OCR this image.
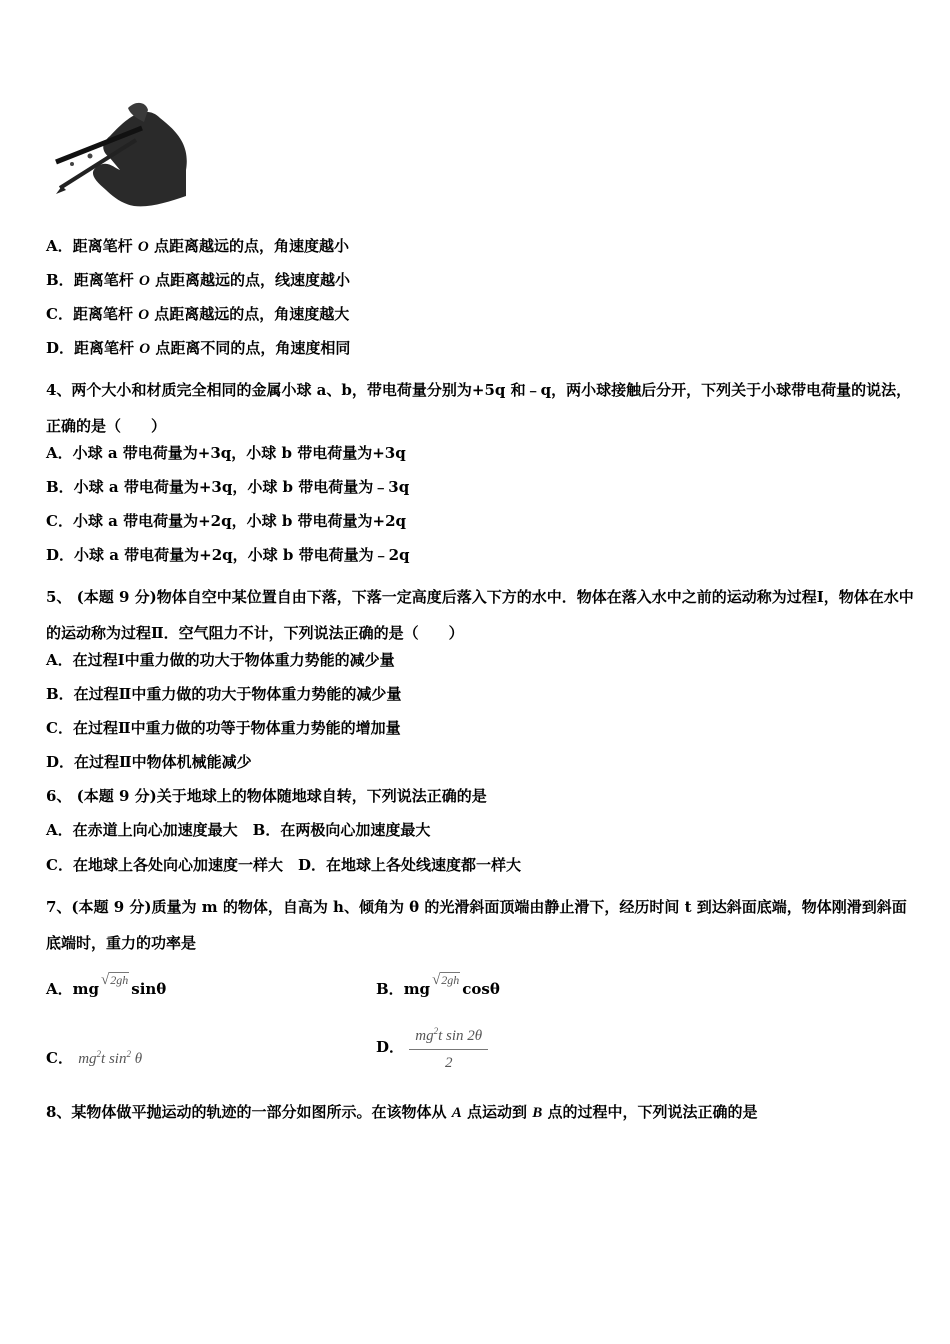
A．距离笔杆 O 点距离越远的点，角速度越小
B．距离笔杆 O 点距离越远的点，线速度越小
C．距离笔杆 O 点距离越远的点，角速度越大
D．距离笔杆 O 点距离不同的点，角速度相同
4、两个大小和材质完全相同的金属小球 a、b，带电荷量分别为+5q 和﹣q，两小球接触后分开，下列关于小球带电荷量的说法，正确的是（　　）
A．小球 a 带电荷量为+3q，小球 b 带电荷量为+3q
B．小球 a 带电荷量为+3q，小球 b 带电荷量为﹣3q
C．小球 a 带电荷量为+2q，小球 b 带电荷量为+2q
D．小球 a 带电荷量为+2q，小球 b 带电荷量为﹣2q
5、 (本题 9 分)物体自空中某位置自由下落，下落一定高度后落入下方的水中．物体在落入水中之前的运动称为过程Ⅰ，物体在水中的运动称为过程Ⅱ．空气阻力不计，下列说法正确的是（　　）
A．在过程Ⅰ中重力做的功大于物体重力势能的减少量
B．在过程Ⅱ中重力做的功大于物体重力势能的减少量
C．在过程Ⅱ中重力做的功等于物体重力势能的增加量
D．在过程Ⅱ中物体机械能减少
6、 (本题 9 分)关于地球上的物体随地球自转，下列说法正确的是
A．在赤道上向心加速度最大　B．在两极向心加速度最大
C．在地球上各处向心加速度一样大　D．在地球上各处线速度都一样大
7、(本题 9 分)质量为 m 的物体，自高为 h、倾角为 θ 的光滑斜面顶端由静止滑下，经历时间 t 到达斜面底端，物体刚滑到斜面底端时，重力的功率是
A．mg √2gh sinθ	B．mg √2gh cosθ
C． $mg^2t$ $\sin^2 \theta$
D． $\frac{mg^2t \sin 2\theta}{2}$
8、某物体做平抛运动的轨迹的一部分如图所示。在该物体从 A 点运动到 B 点的过程中，下列说法正确的是
